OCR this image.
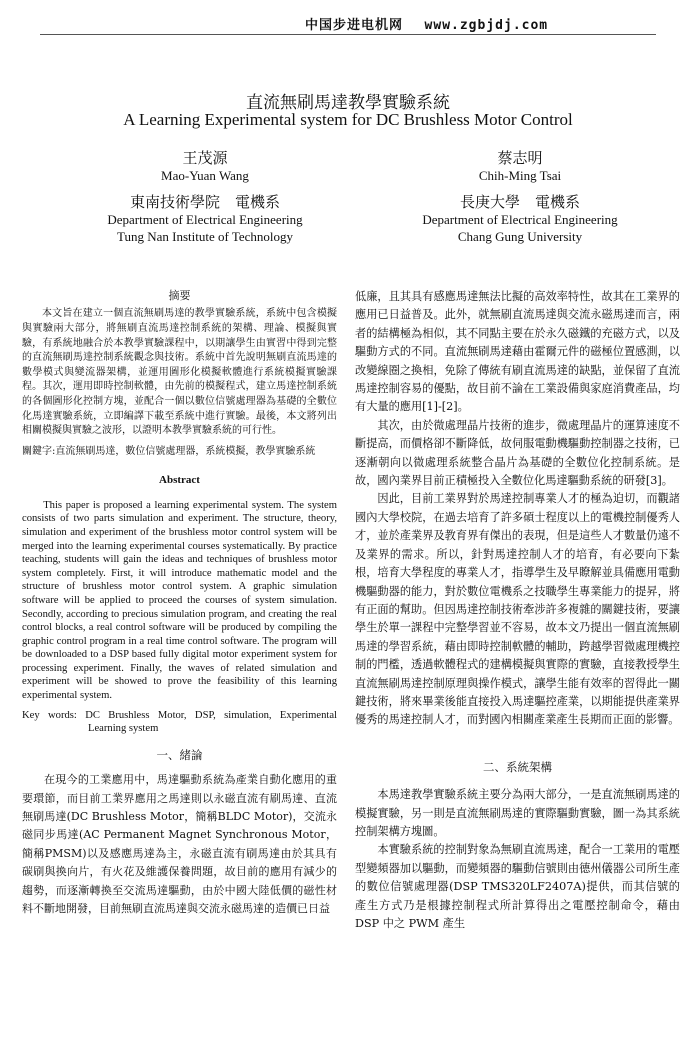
中国步进电机网 www.zgbjdj.com
直流無刷馬達教學實驗系統
A Learning Experimental system for DC Brushless Motor Control
王茂源
Mao-Yuan Wang
東南技術學院　電機系
Department of Electrical Engineering
Tung Nan Institute of Technology
蔡志明
Chih-Ming Tsai
長庚大學　電機系
Department of Electrical Engineering
Chang Gung University
摘要

本文旨在建立一個直流無刷馬達的教學實驗系統，系統中包含模擬與實驗兩大部分，將無刷直流馬達控制系統的架構、理論、模擬與實驗，有系統地融合於本教學實驗課程中，以期讓學生由實習中得到完整的直流無刷馬達控制系統觀念與技術。系統中首先說明無刷直流馬達的數學模式與變流器架構，並運用圖形化模擬軟體進行系統模擬實驗課程。其次，運用即時控制軟體，由先前的模擬程式，建立馬達控制系統的各個圖形化控制方塊，並配合一個以數位信號處理器為基礎的全數位化馬達實驗系統，立即編譯下載至系統中進行實驗。最後，本文將列出相關模擬與實驗之波形，以證明本教學實驗系統的可行性。

關鍵字:直流無刷馬達，數位信號處理器，系統模擬，教學實驗系統

Abstract

This paper is proposed a learning experimental system. The system consists of two parts simulation and experiment. The structure, theory, simulation and experiment of the brushless motor control system will be merged into the learning experimental courses systematically. By practice teaching, students will gain the ideas and techniques of brushless motor system completely. First, it will introduce mathematic model and the structure of brushless motor control system. A graphic simulation software will be applied to proceed the courses of system simulation. Secondly, according to precious simulation program, and creating the real control blocks, a real control software will be produced by compiling the graphic control program in a real time control software. The program will be downloaded to a DSP based fully digital motor experiment system for processing experiment. Finally, the waves of related simulation and experiment will be showed to prove the feasibility of this learning experimental system.

Key words: DC Brushless Motor, DSP, simulation, Experimental Learning system

一、緒論

在現今的工業應用中，馬達驅動系統為產業自動化應用的重要環節，而目前工業界應用之馬達則以永磁直流有刷馬達、直流無刷馬達(DC Brushless Motor，簡稱BLDC Motor)，交流永磁同步馬達(AC Permanent Magnet Synchronous Motor，簡稱PMSM)以及感應馬達為主，永磁直流有刷馬達由於其具有碳刷與換向片，有火花及維護保養問題，故目前的應用有減少的趨勢，而逐漸轉換至交流馬達驅動，由於中國大陸低價的磁性材料不斷地開發，目前無刷直流馬達與交流永磁馬達的造價已日益

低廉，且其具有感應馬達無法比擬的高效率特性，故其在工業界的應用已日益普及。此外，就無刷直流馬達與交流永磁馬達而言，兩者的結構極為相似，其不同點主要在於永久磁鐵的充磁方式，以及驅動方式的不同。直流無刷馬達藉由霍爾元件的磁極位置感測，以改變線圈之換相，免除了傳統有刷直流馬達的缺點，並保留了直流馬達控制容易的優點，故目前不論在工業設備與家庭消費產品，均有大量的應用[1]-[2]。

其次，由於微處理晶片技術的進步，微處理晶片的運算速度不斷提高，而價格卻不斷降低，故伺服電動機驅動控制器之技術，已逐漸朝向以微處理系統整合晶片為基礎的全數位化控制系統。是故，國內業界目前正積極投入全數位化馬達驅動系統的研發[3]。

因此，目前工業界對於馬達控制專業人才的極為迫切，而觀諸國內大學校院，在過去培育了許多碩士程度以上的電機控制優秀人才，並於產業界及教育界有傑出的表現，但是這些人才數量仍遠不及業界的需求。所以，針對馬達控制人才的培育，有必要向下紮根，培育大學程度的專業人才，指導學生及早瞭解並具備應用電動機驅動器的能力，對於數位電機系之技職學生專業能力的提昇，將有正面的幫助。但因馬達控制技術牽涉許多複雜的關鍵技術，要讓學生於單一課程中完整學習並不容易，故本文乃提出一個直流無刷馬達的學習系統，藉由即時控制軟體的輔助，跨越學習微處理機控制的門檻，透過軟體程式的建構模擬與實際的實驗，直接教授學生直流無刷馬達控制原理與操作模式，讓學生能有效率的習得此一關鍵技術，將來畢業後能直接投入馬達驅控產業，以期能提供產業界優秀的馬達控制人才，而對國內相關產業產生長期而正面的影響。

二、系統架構

本馬達教學實驗系統主要分為兩大部分，一是直流無刷馬達的模擬實驗，另一則是直流無刷馬達的實際驅動實驗，圖一為其系統控制架構方塊圖。

本實驗系統的控制對象為無刷直流馬達，配合一工業用的電壓型變頻器加以驅動，而變頻器的驅動信號則由德州儀器公司所生產的數位信號處理器(DSP TMS320LF2407A)提供，而其信號的產生方式乃是根據控制程式所計算得出之電壓控制命令，藉由 DSP 中之 PWM 產生
